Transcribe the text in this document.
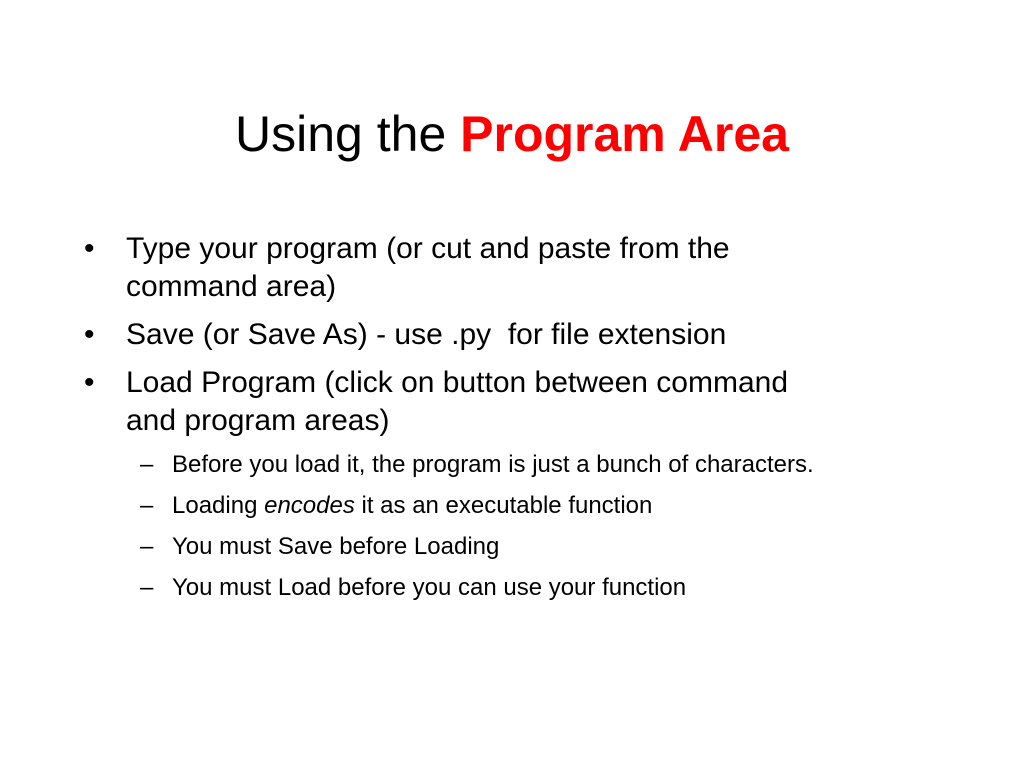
Using the Program Area
•	Type your program (or cut and paste from the
command area)
•	Save (or Save As) - use .py  for file extension
•	Load Program (click on button between command
and program areas)
– Before you load it, the program is just a bunch of characters.
– Loading encodes it as an executable function
– You must Save before Loading
– You must Load before you can use your function
